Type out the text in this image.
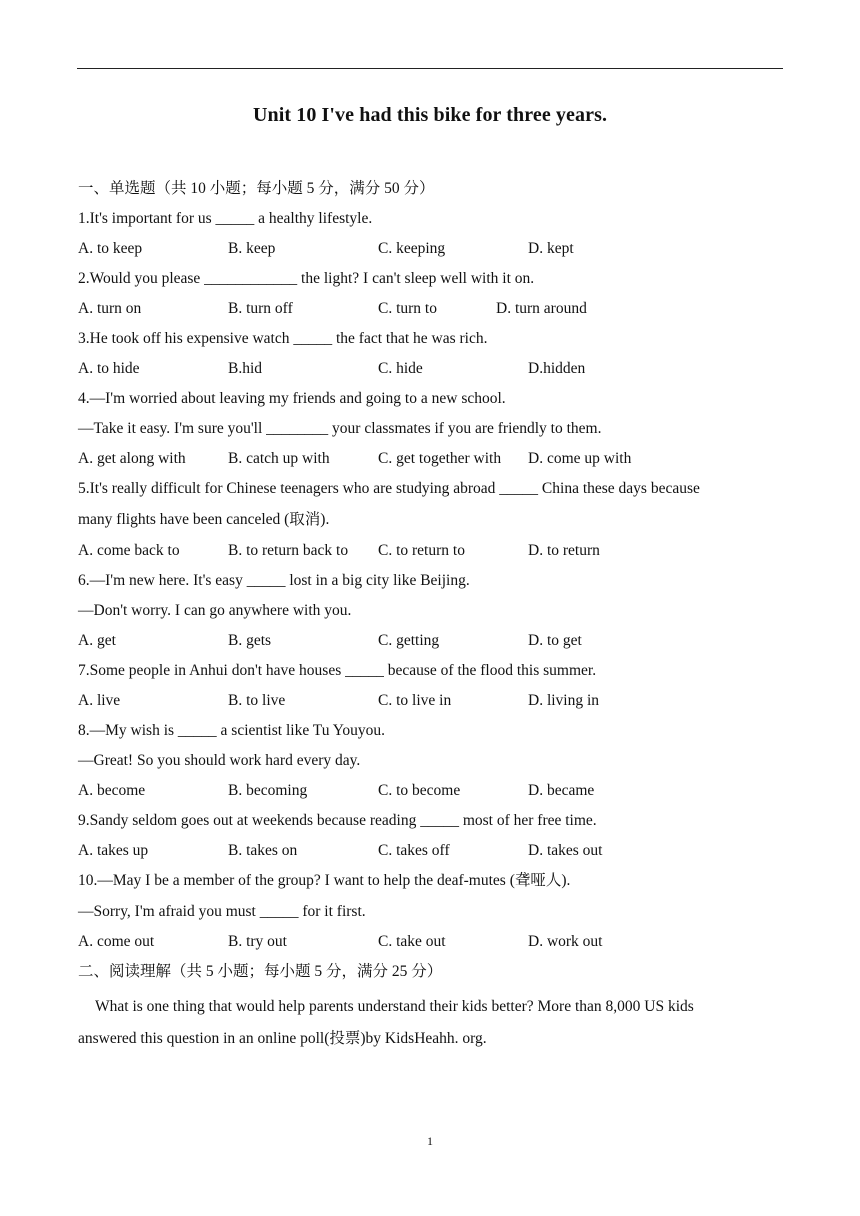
Unit 10 I've had this bike for three years.
一、单选题（共 10 小题；每小题 5 分，满分 50 分）
1.It's important for us _____ a healthy lifestyle.
A. to keep	B. keep	C. keeping	D. kept
2.Would you please ____________ the light? I can't sleep well with it on.
A. turn on	B. turn off	C. turn to	D. turn around
3.He took off his expensive watch _____ the fact that he was rich.
A. to hide	B.hid	C. hide	D.hidden
4.—I'm worried about leaving my friends and going to a new school.
—Take it easy. I'm sure you'll ________ your classmates if you are friendly to them.
A. get along with	B. catch up with	C. get together with D. come up with
5.It's really difficult for Chinese teenagers who are studying abroad _____ China these days because
many flights have been canceled (取消).
A. come back to	B. to return back to C. to return to	D. to return
6.—I'm new here. It's easy _____ lost in a big city like Beijing.
—Don't worry. I can go anywhere with you.
A. get	B. gets	C. getting	D. to get
7.Some people in Anhui don't have houses _____ because of the flood this summer.
A. live	B. to live	C. to live in	D. living in
8.—My wish is _____ a scientist like Tu Youyou.
—Great! So you should work hard every day.
A. become	B. becoming	C. to become	D. became
9.Sandy seldom goes out at weekends because reading _____ most of her free time.
A. takes up	B. takes on	C. takes off	D. takes out
10.—May I be a member of the group? I want to help the deaf-mutes (聋哑人).
—Sorry, I'm afraid you must _____ for it first.
A. come out	B. try out	C. take out	D. work out
二、阅读理解（共 5 小题；每小题 5 分，满分 25 分）
What is one thing that would help parents understand their kids better? More than 8,000 US kids
answered this question in an online poll(投票)by KidsHeahh. org.
1
